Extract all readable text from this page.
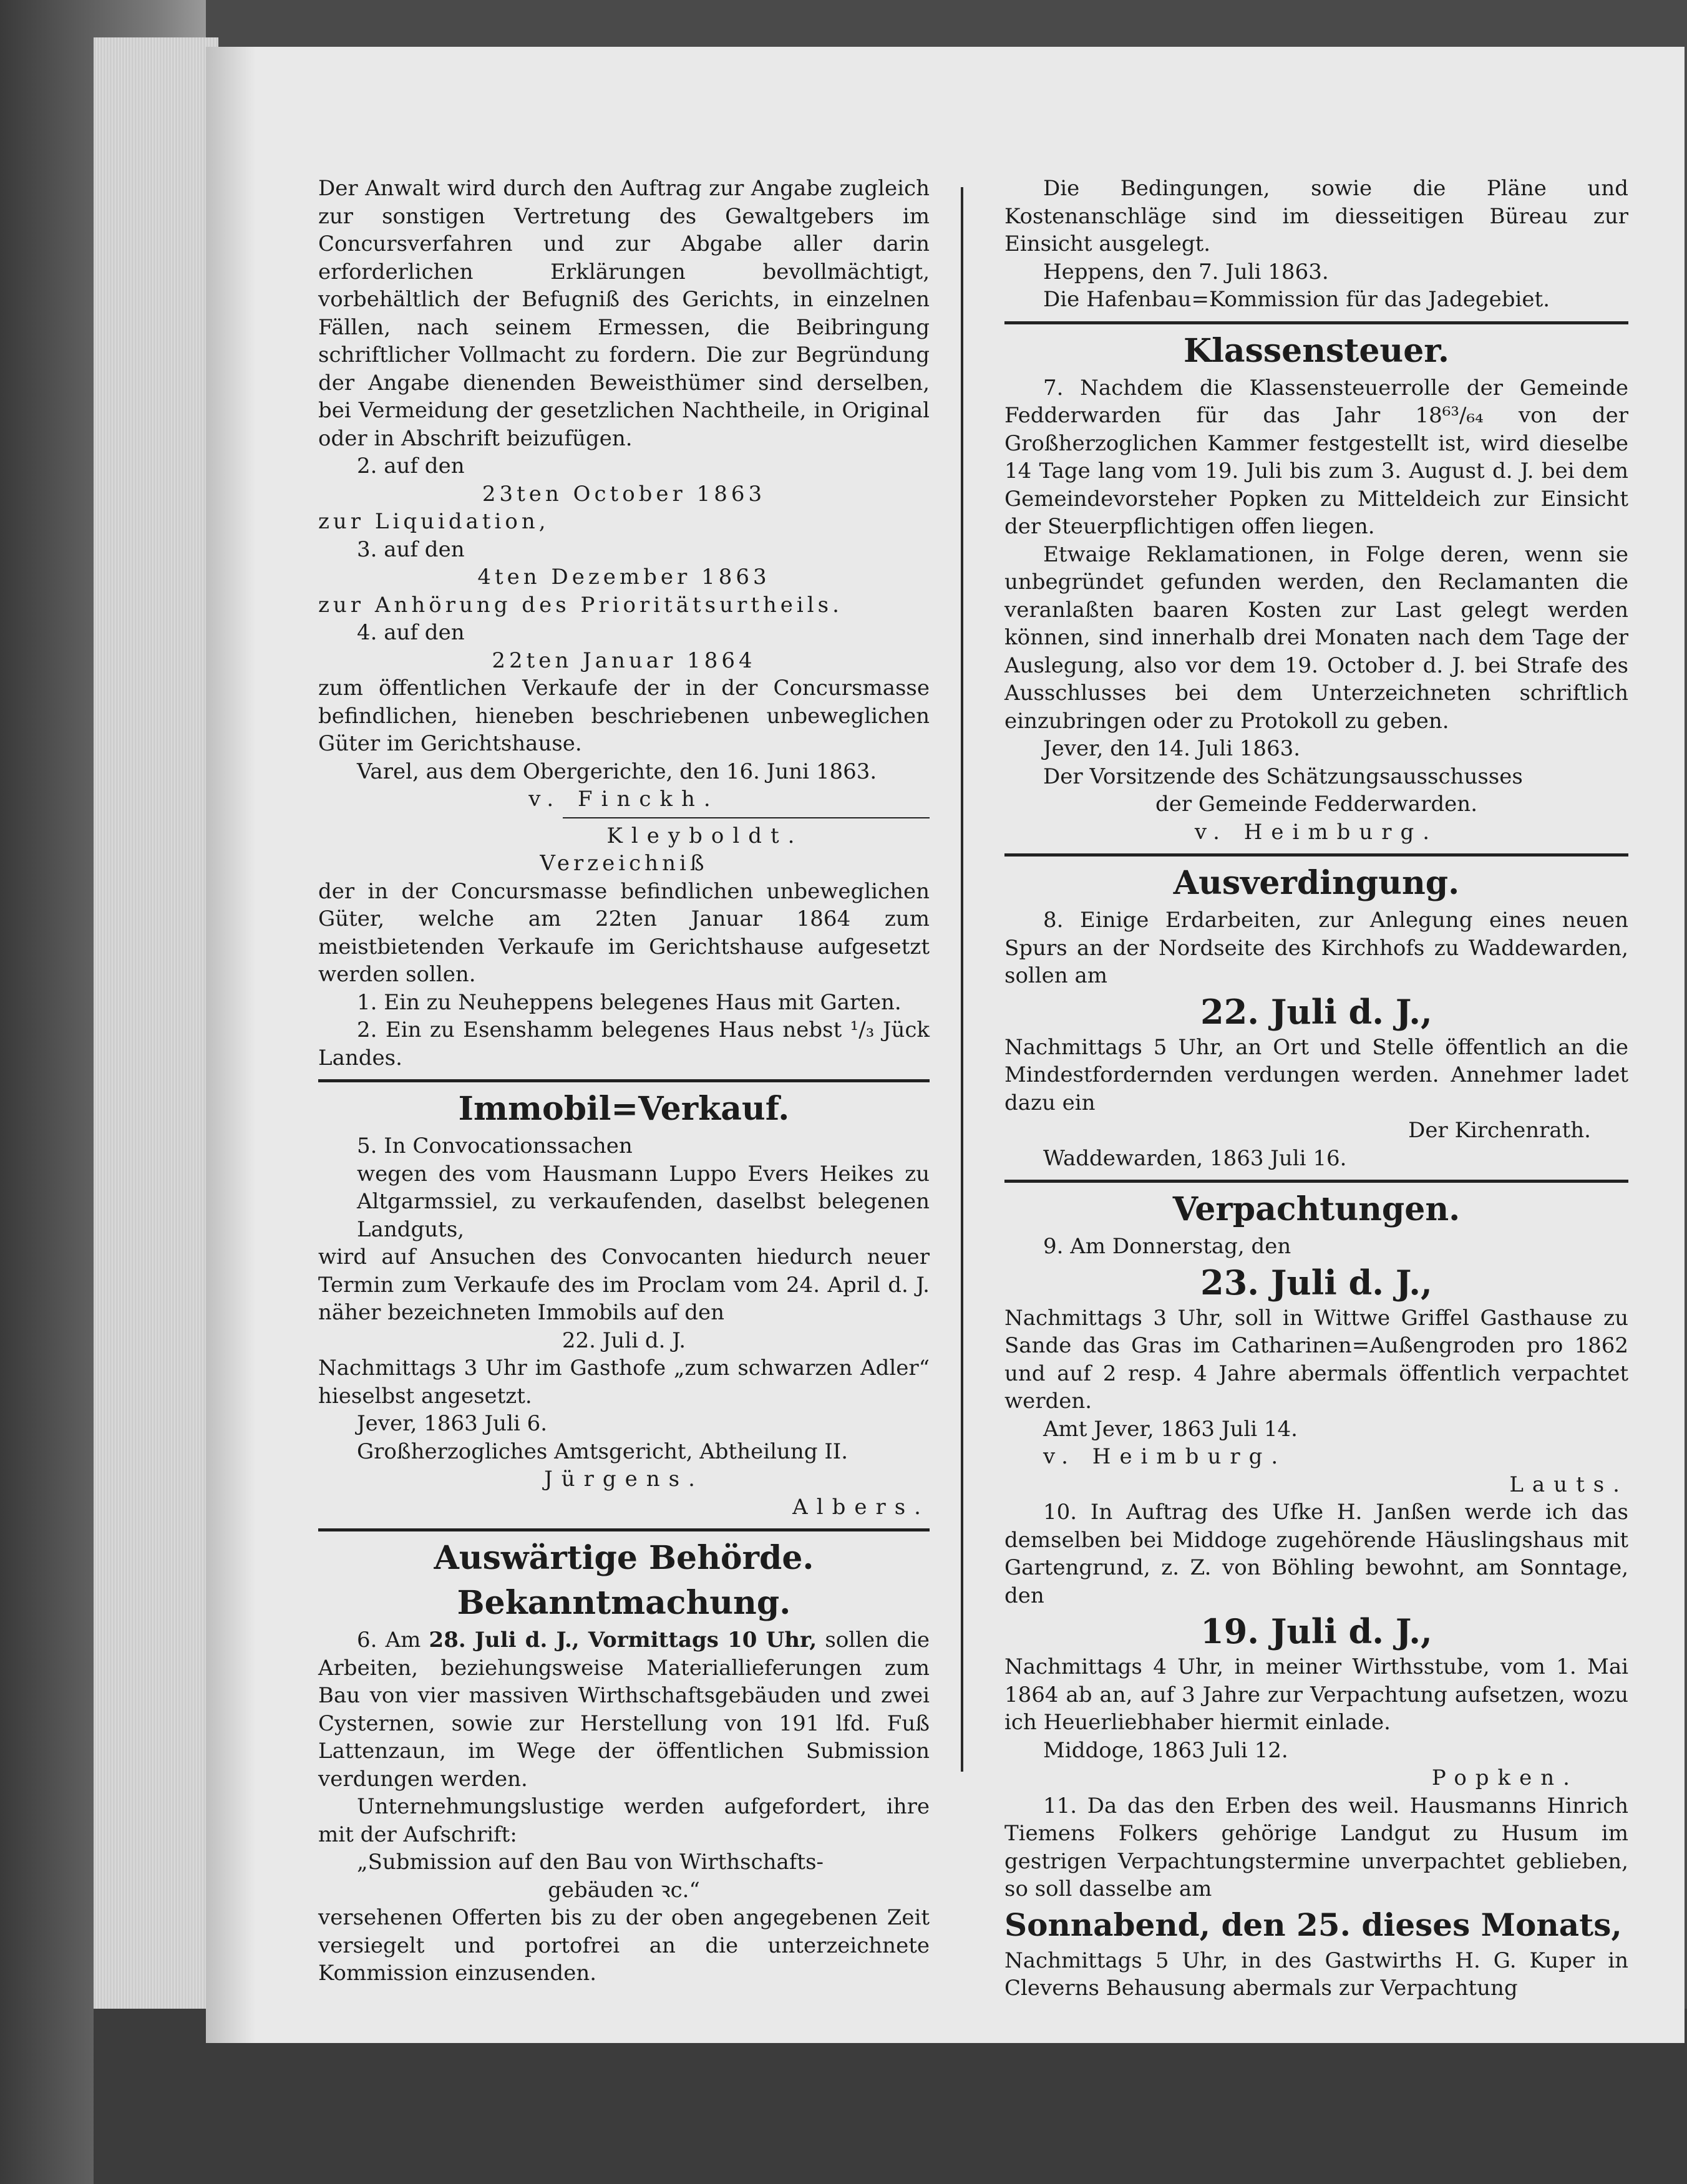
Der Anwalt wird durch den Auftrag zur Angabe zugleich zur sonstigen Vertretung des Gewaltgebers im Concursverfahren und zur Abgabe aller darin erforderlichen Erklärungen bevollmächtigt, vorbehältlich der Befugniß des Gerichts, in einzelnen Fällen, nach seinem Ermessen, die Beibringung schriftlicher Vollmacht zu fordern. Die zur Begründung der Angabe dienenden Beweisthümer sind derselben, bei Vermeidung der gesetzlichen Nachtheile, in Original oder in Abschrift beizufügen.

2. auf den

23ten October 1863

zur Liquidation,

3. auf den

4ten Dezember 1863

zur Anhörung des Prioritätsurtheils.

4. auf den

22ten Januar 1864

zum öffentlichen Verkaufe der in der Concursmasse befindlichen, hieneben beschriebenen unbeweglichen Güter im Gerichtshause.

Varel, aus dem Obergerichte, den 16. Juni 1863.

v. Finckh.

Kleyboldt.

Verzeichniß

der in der Concursmasse befindlichen unbeweglichen Güter, welche am 22ten Januar 1864 zum meistbietenden Verkaufe im Gerichtshause aufgesetzt werden sollen.

1. Ein zu Neuheppens belegenes Haus mit Garten.

2. Ein zu Esenshamm belegenes Haus nebst ¹/₃ Jück Landes.

Immobil=Verkauf.

5. In Convocationssachen

wegen des vom Hausmann Luppo Evers Heikes zu Altgarmssiel, zu verkaufenden, daselbst belegenen Landguts,

wird auf Ansuchen des Convocanten hiedurch neuer Termin zum Verkaufe des im Proclam vom 24. April d. J. näher bezeichneten Immobils auf den

22. Juli d. J.

Nachmittags 3 Uhr im Gasthofe „zum schwarzen Adler“ hieselbst angesetzt.

Jever, 1863 Juli 6.

Großherzogliches Amtsgericht, Abtheilung II.

Jürgens.

Albers.

Auswärtige Behörde.
Bekanntmachung.

6. Am 28. Juli d. J., Vormittags 10 Uhr, sollen die Arbeiten, beziehungsweise Materiallieferungen zum Bau von vier massiven Wirthschaftsgebäuden und zwei Cysternen, sowie zur Herstellung von 191 lfd. Fuß Lattenzaun, im Wege der öffentlichen Submission verdungen werden.

Unternehmungslustige werden aufgefordert, ihre mit der Aufschrift:

„Submission auf den Bau von Wirthschafts-

gebäuden ꝛc.“

versehenen Offerten bis zu der oben angegebenen Zeit versiegelt und portofrei an die unterzeichnete Kommission einzusenden.

Die Bedingungen, sowie die Pläne und Kostenanschläge sind im diesseitigen Büreau zur Einsicht ausgelegt.

Heppens, den 7. Juli 1863.

Die Hafenbau=Kommission für das Jadegebiet.

Klassensteuer.

7. Nachdem die Klassensteuerrolle der Gemeinde Fedderwarden für das Jahr 18⁶³/₆₄ von der Großherzoglichen Kammer festgestellt ist, wird dieselbe 14 Tage lang vom 19. Juli bis zum 3. August d. J. bei dem Gemeindevorsteher Popken zu Mitteldeich zur Einsicht der Steuerpflichtigen offen liegen.

Etwaige Reklamationen, in Folge deren, wenn sie unbegründet gefunden werden, den Reclamanten die veranlaßten baaren Kosten zur Last gelegt werden können, sind innerhalb drei Monaten nach dem Tage der Auslegung, also vor dem 19. October d. J. bei Strafe des Ausschlusses bei dem Unterzeichneten schriftlich einzubringen oder zu Protokoll zu geben.

Jever, den 14. Juli 1863.

Der Vorsitzende des Schätzungsausschusses

der Gemeinde Fedderwarden.

v. Heimburg.

Ausverdingung.

8. Einige Erdarbeiten, zur Anlegung eines neuen Spurs an der Nordseite des Kirchhofs zu Waddewarden, sollen am

22. Juli d. J.,

Nachmittags 5 Uhr, an Ort und Stelle öffentlich an die Mindestfordernden verdungen werden. Annehmer ladet dazu ein

Der Kirchenrath.

Waddewarden, 1863 Juli 16.

Verpachtungen.

9. Am Donnerstag, den

23. Juli d. J.,

Nachmittags 3 Uhr, soll in Wittwe Griffel Gasthause zu Sande das Gras im Catharinen=Außengroden pro 1862 und auf 2 resp. 4 Jahre abermals öffentlich verpachtet werden.

Amt Jever, 1863 Juli 14.

v. Heimburg.

Lauts.

10. In Auftrag des Ufke H. Janßen werde ich das demselben bei Middoge zugehörende Häuslingshaus mit Gartengrund, z. Z. von Böhling bewohnt, am Sonntage, den

19. Juli d. J.,

Nachmittags 4 Uhr, in meiner Wirthsstube, vom 1. Mai 1864 ab an, auf 3 Jahre zur Verpachtung aufsetzen, wozu ich Heuerliebhaber hiermit einlade.

Middoge, 1863 Juli 12.

Popken.

11. Da das den Erben des weil. Hausmanns Hinrich Tiemens Folkers gehörige Landgut zu Husum im gestrigen Verpachtungstermine unverpachtet geblieben, so soll dasselbe am

Sonnabend, den 25. dieses Monats,

Nachmittags 5 Uhr, in des Gastwirths H. G. Kuper in Cleverns Behausung abermals zur Verpachtung
